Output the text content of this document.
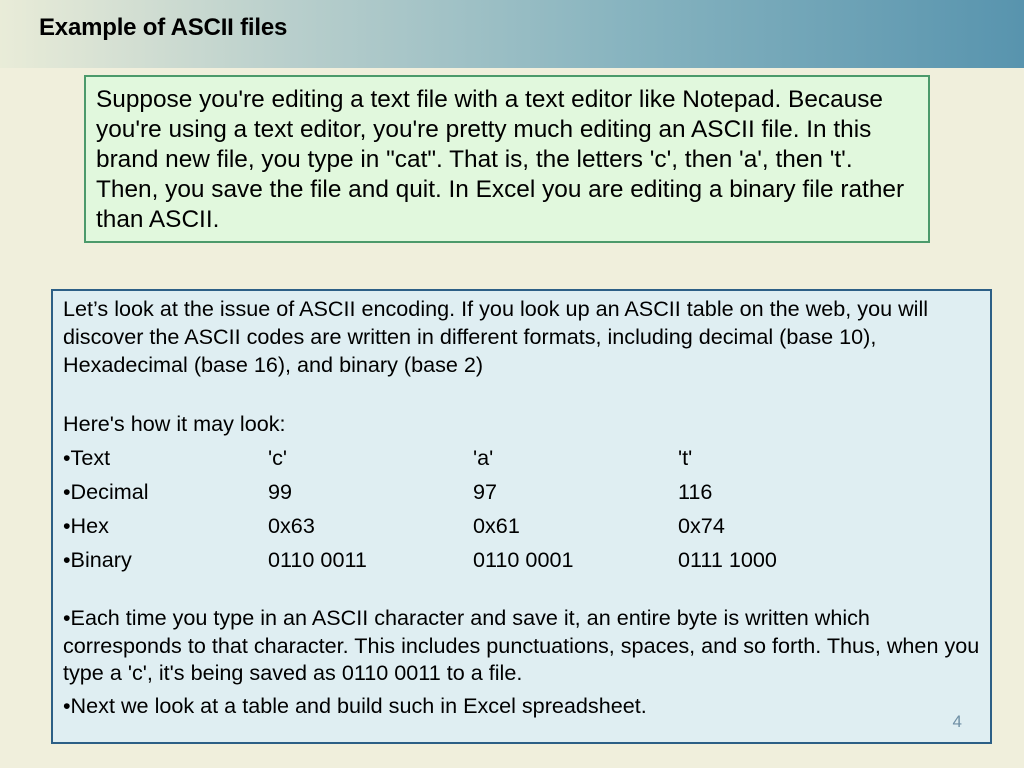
Example of ASCII files

Suppose you're editing a text file with a text editor like Notepad. Because you're using a text editor, you're pretty much editing an ASCII file. In this brand new file, you type in "cat". That is, the letters 'c', then 'a', then 't'. Then, you save the file and quit. In Excel you are editing a binary file rather than ASCII.

Let’s look at the issue of ASCII encoding. If you look up an ASCII table on the web, you will discover the ASCII codes are written in different formats, including decimal (base 10), Hexadecimal (base 16), and binary (base 2)

Here's how it may look:

•Text	'c'	'a'	't'
•Decimal	99	97	116
•Hex	0x63	0x61	0x74
•Binary	0110 0011	0110 0001	0111 1000

•Each time you type in an ASCII character and save it, an entire byte is written which corresponds to that character. This includes punctuations, spaces, and so forth. Thus, when you type a 'c', it's being saved as 0110 0011 to a file.

•Next we look at a table and build such in Excel spreadsheet.

4
